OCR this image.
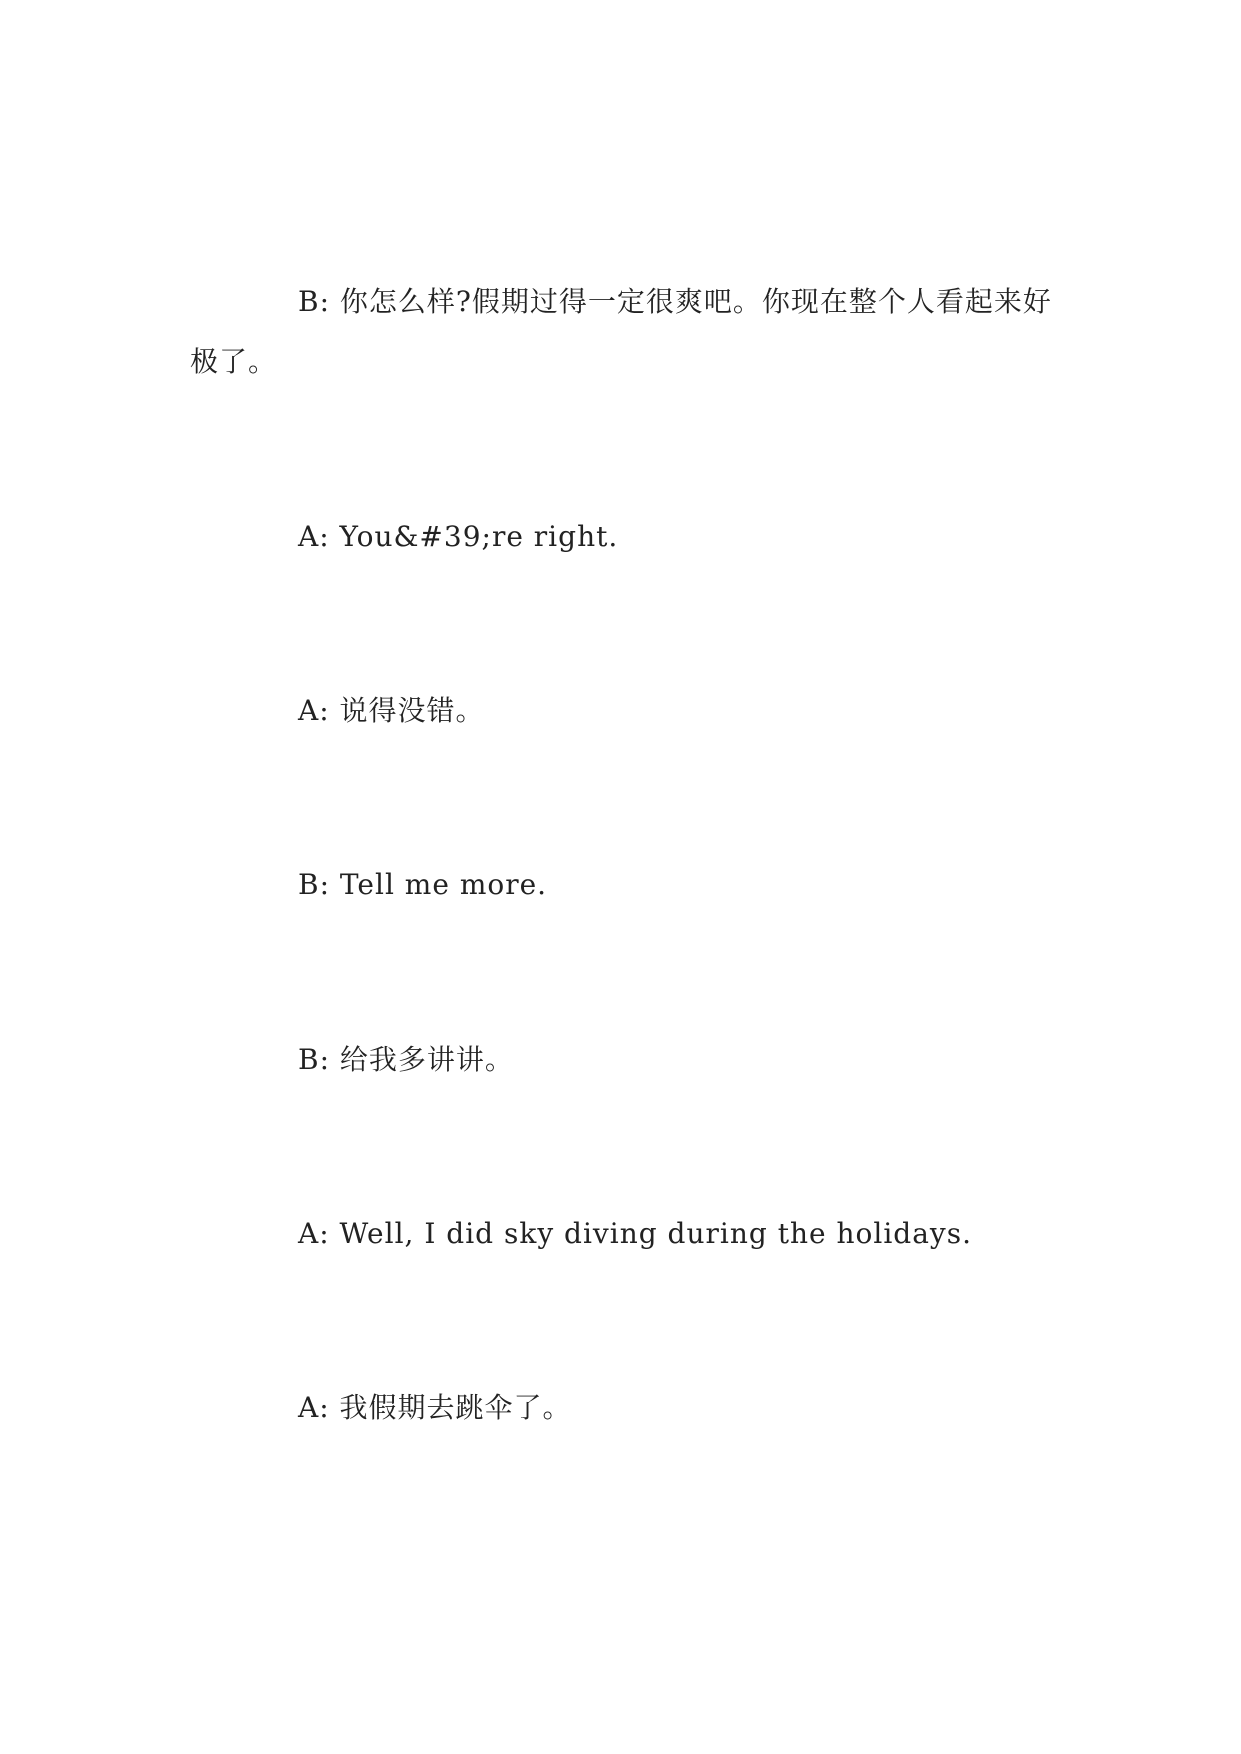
B: 你怎么样?假期过得一定很爽吧。你现在整个人看起来好极了。

A: You&#39;re right.

A: 说得没错。

B: Tell me more.

B: 给我多讲讲。

A: Well, I did sky diving during the holidays.

A: 我假期去跳伞了。
